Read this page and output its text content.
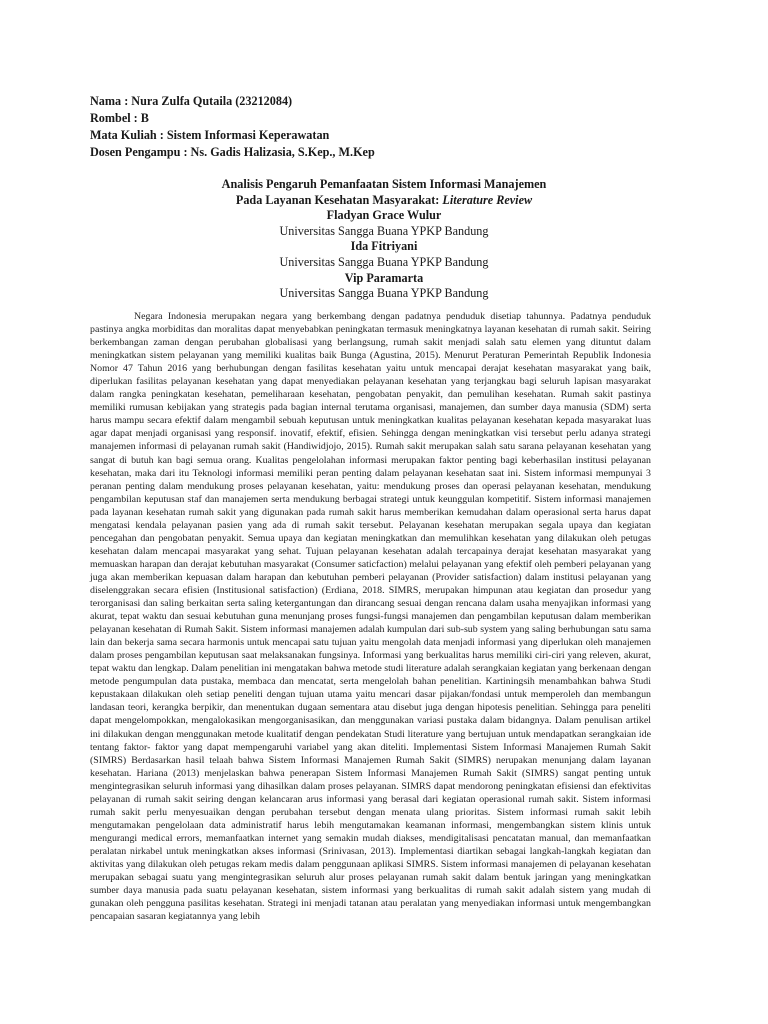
Nama : Nura Zulfa Qutaila (23212084)
Rombel : B
Mata Kuliah : Sistem Informasi Keperawatan
Dosen Pengampu : Ns. Gadis Halizasia, S.Kep., M.Kep
Analisis Pengaruh Pemanfaatan Sistem Informasi Manajemen
Pada Layanan Kesehatan Masyarakat: Literature Review
Fladyan Grace Wulur
Universitas Sangga Buana YPKP Bandung
Ida Fitriyani
Universitas Sangga Buana YPKP Bandung
Vip Paramarta
Universitas Sangga Buana YPKP Bandung

Negara Indonesia merupakan negara yang berkembang dengan padatnya penduduk disetiap tahunnya. Padatnya penduduk pastinya angka morbiditas dan moralitas dapat menyebabkan peningkatan termasuk meningkatnya layanan kesehatan di rumah sakit. Seiring berkembangan zaman dengan perubahan globalisasi yang berlangsung, rumah sakit menjadi salah satu elemen yang dituntut dalam meningkatkan sistem pelayanan yang memiliki kualitas baik Bunga (Agustina, 2015). Menurut Peraturan Pemerintah Republik Indonesia Nomor 47 Tahun 2016 yang berhubungan dengan fasilitas kesehatan yaitu untuk mencapai derajat kesehatan masyarakat yang baik, diperlukan fasilitas pelayanan kesehatan yang dapat menyediakan pelayanan kesehatan yang terjangkau bagi seluruh lapisan masyarakat dalam rangka peningkatan kesehatan, pemeliharaan kesehatan, pengobatan penyakit, dan pemulihan kesehatan. Rumah sakit pastinya memiliki rumusan kebijakan yang strategis pada bagian internal terutama organisasi, manajemen, dan sumber daya manusia (SDM) serta harus mampu secara efektif dalam mengambil sebuah keputusan untuk meningkatkan kualitas pelayanan kesehatan kepada masyarakat luas agar dapat menjadi organisasi yang responsif. inovatif, efektif, efisien. Sehingga dengan meningkatkan visi tersebut perlu adanya strategi manajemen informasi di pelayanan rumah sakit (Handiwidjojo, 2015). Rumah sakit merupakan salah satu sarana pelayanan kesehatan yang sangat di butuh kan bagi semua orang. Kualitas pengelolahan informasi merupakan faktor penting bagi keberhasilan institusi pelayanan kesehatan, maka dari itu Teknologi informasi memiliki peran penting dalam pelayanan kesehatan saat ini. Sistem informasi mempunyai 3 peranan penting dalam mendukung proses pelayanan kesehatan, yaitu: mendukung proses dan operasi pelayanan kesehatan, mendukung pengambilan keputusan staf dan manajemen serta mendukung berbagai strategi untuk keunggulan kompetitif. Sistem informasi manajemen pada layanan kesehatan rumah sakit yang digunakan pada rumah sakit harus memberikan kemudahan dalam operasional serta harus dapat mengatasi kendala pelayanan pasien yang ada di rumah sakit tersebut. Pelayanan kesehatan merupakan segala upaya dan kegiatan pencegahan dan pengobatan penyakit. Semua upaya dan kegiatan meningkatkan dan memulihkan kesehatan yang dilakukan oleh petugas kesehatan dalam mencapai masyarakat yang sehat. Tujuan pelayanan kesehatan adalah tercapainya derajat kesehatan masyarakat yang memuaskan harapan dan derajat kebutuhan masyarakat (Consumer saticfaction) melalui pelayanan yang efektif oleh pemberi pelayanan yang juga akan memberikan kepuasan dalam harapan dan kebutuhan pemberi pelayanan (Provider satisfaction) dalam institusi pelayanan yang diselenggrakan secara efisien (Institusional satisfaction) (Erdiana, 2018. SIMRS, merupakan himpunan atau kegiatan dan prosedur yang terorganisasi dan saling berkaitan serta saling ketergantungan dan dirancang sesuai dengan rencana dalam usaha menyajikan informasi yang akurat, tepat waktu dan sesuai kebutuhan guna menunjang proses fungsi-fungsi manajemen dan pengambilan keputusan dalam memberikan pelayanan kesehatan di Rumah Sakit. Sistem informasi manajemen adalah kumpulan dari sub-sub system yang saling berhubungan satu sama lain dan bekerja sama secara harmonis untuk mencapai satu tujuan yaitu mengolah data menjadi informasi yang diperlukan oleh manajemen dalam proses pengambilan keputusan saat melaksanakan fungsinya. Informasi yang berkualitas harus memiliki ciri-ciri yang releven, akurat, tepat waktu dan lengkap. Dalam penelitian ini mengatakan bahwa metode studi literature adalah serangkaian kegiatan yang berkenaan dengan metode pengumpulan data pustaka, membaca dan mencatat, serta mengelolah bahan penelitian. Kartiningsih menambahkan bahwa Studi kepustakaan dilakukan oleh setiap peneliti dengan tujuan utama yaitu mencari dasar pijakan/fondasi untuk memperoleh dan membangun landasan teori, kerangka berpikir, dan menentukan dugaan sementara atau disebut juga dengan hipotesis penelitian. Sehingga para peneliti dapat mengelompokkan, mengalokasikan mengorganisasikan, dan menggunakan variasi pustaka dalam bidangnya. Dalam penulisan artikel ini dilakukan dengan menggunakan metode kualitatif dengan pendekatan Studi literature yang bertujuan untuk mendapatkan serangkaian ide tentang faktor- faktor yang dapat mempengaruhi variabel yang akan diteliti. Implementasi Sistem Informasi Manajemen Rumah Sakit (SIMRS) Berdasarkan hasil telaah bahwa Sistem Informasi Manajemen Rumah Sakit (SIMRS) nerupakan menunjang dalam layanan kesehatan. Hariana (2013) menjelaskan bahwa penerapan Sistem Informasi Manajemen Rumah Sakit (SIMRS) sangat penting untuk mengintegrasikan seluruh informasi yang dihasilkan dalam proses pelayanan. SIMRS dapat mendorong peningkatan efisiensi dan efektivitas pelayanan di rumah sakit seiring dengan kelancaran arus informasi yang berasal dari kegiatan operasional rumah sakit. Sistem informasi rumah sakit perlu menyesuaikan dengan perubahan tersebut dengan menata ulang prioritas. Sistem informasi rumah sakit lebih mengutamakan pengelolaan data administratif harus lebih mengutamakan keamanan informasi, mengembangkan sistem klinis untuk mengurangi medical errors, memanfaatkan internet yang semakin mudah diakses, mendigitalisasi pencatatan manual, dan memanfaatkan peralatan nirkabel untuk meningkatkan akses informasi (Srinivasan, 2013). Implementasi diartikan sebagai langkah-langkah kegiatan dan aktivitas yang dilakukan oleh petugas rekam medis dalam penggunaan aplikasi SIMRS. Sistem informasi manajemen di pelayanan kesehatan merupakan sebagai suatu yang mengintegrasikan seluruh alur proses pelayanan rumah sakit dalam bentuk jaringan yang meningkatkan sumber daya manusia pada suatu pelayanan kesehatan, sistem informasi yang berkualitas di rumah sakit adalah sistem yang mudah di gunakan oleh pengguna pasilitas kesehatan. Strategi ini menjadi tatanan atau peralatan yang menyediakan informasi untuk mengembangkan pencapaian sasaran kegiatannya yang lebih
